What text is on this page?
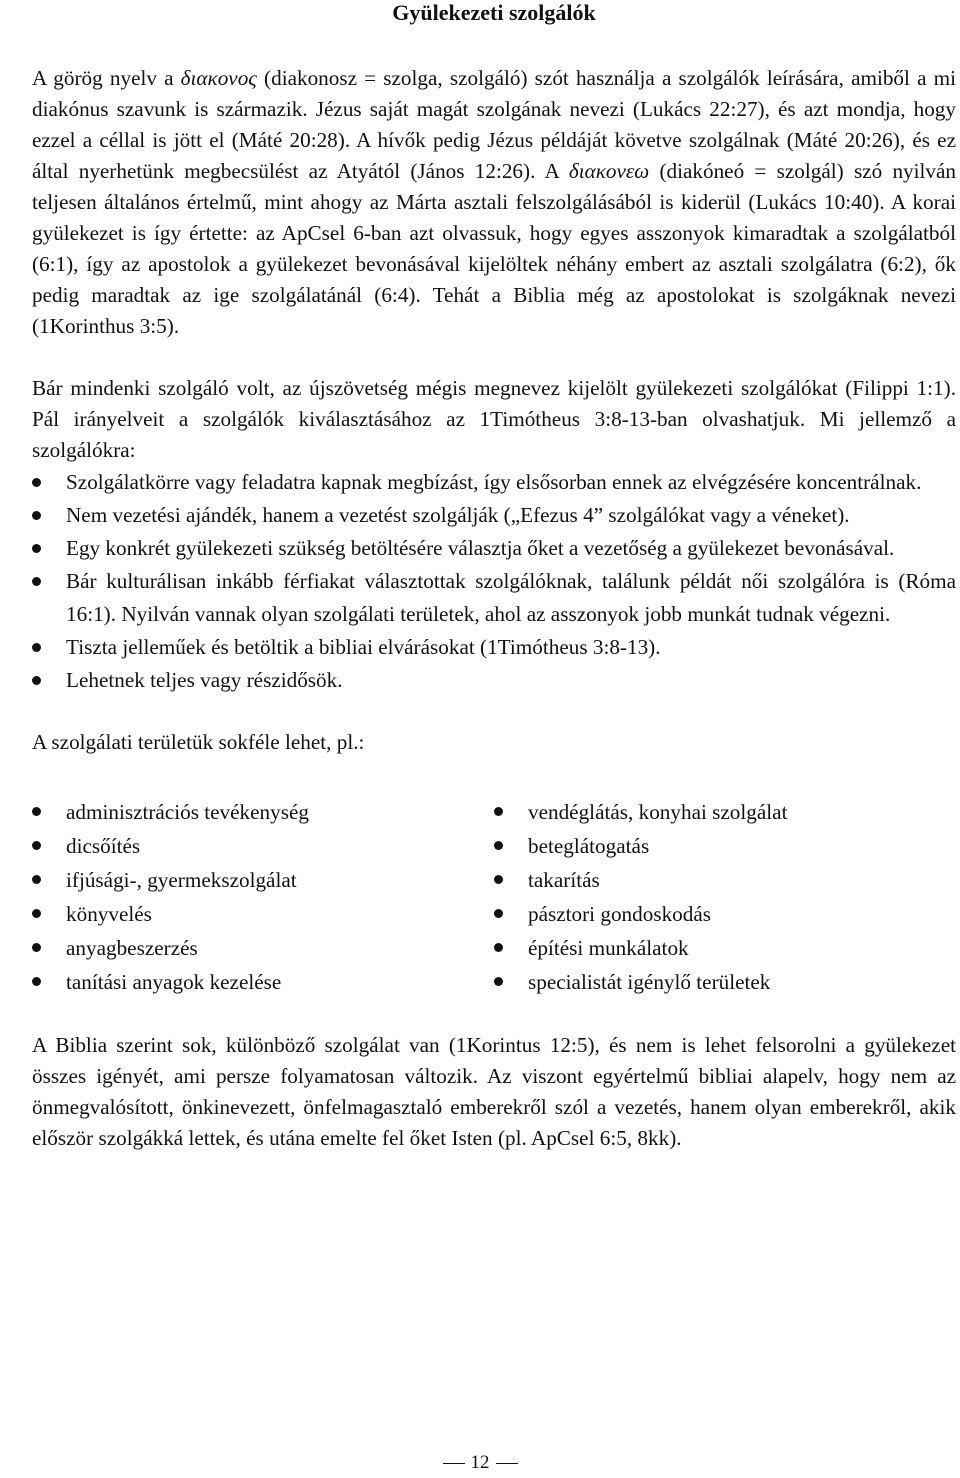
Gyülekezeti szolgálók

A görög nyelv a διακονος (diakonosz = szolga, szolgáló) szót használja a szolgálók leírására, amiből a mi diakónus szavunk is származik. Jézus saját magát szolgának nevezi (Lukács 22:27), és azt mondja, hogy ezzel a céllal is jött el (Máté 20:28). A hívők pedig Jézus példáját követve szolgálnak (Máté 20:26), és ez által nyerhetünk megbecsülést az Atyától (János 12:26). A διακονεω (diakóneó = szolgál) szó nyilván teljesen általános értelmű, mint ahogy az Márta asztali felszolgálásából is kiderül (Lukács 10:40). A korai gyülekezet is így értette: az ApCsel 6-ban azt olvassuk, hogy egyes asszonyok kimaradtak a szolgálatból (6:1), így az apostolok a gyülekezet bevonásával kijelöltek néhány embert az asztali szolgálatra (6:2), ők pedig maradtak az ige szolgálatánál (6:4). Tehát a Biblia még az apostolokat is szolgáknak nevezi (1Korinthus 3:5).

Bár mindenki szolgáló volt, az újszövetség mégis megnevez kijelölt gyülekezeti szolgálókat (Filippi 1:1). Pál irányelveit a szolgálók kiválasztásához az 1Timótheus 3:8-13-ban olvashatjuk. Mi jellemző a szolgálókra:

Szolgálatkörre vagy feladatra kapnak megbízást, így elsősorban ennek az elvégzésére koncentrálnak.
Nem vezetési ajándék, hanem a vezetést szolgálják („Efezus 4” szolgálókat vagy a véneket).
Egy konkrét gyülekezeti szükség betöltésére választja őket a vezetőség a gyülekezet bevonásával.
Bár kulturálisan inkább férfiakat választottak szolgálóknak, találunk példát női szolgálóra is (Róma 16:1). Nyilván vannak olyan szolgálati területek, ahol az asszonyok jobb munkát tudnak végezni.
Tiszta jelleműek és betöltik a bibliai elvárásokat (1Timótheus 3:8-13).
Lehetnek teljes vagy részidősök.

A szolgálati területük sokféle lehet, pl.:

adminisztrációs tevékenység
dicsőítés
ifjúsági-, gyermekszolgálat
könyvelés
anyagbeszerzés
tanítási anyagok kezelése
vendéglátás, konyhai szolgálat
beteglátogatás
takarítás
pásztori gondoskodás
építési munkálatok
specialistát igénylő területek

A Biblia szerint sok, különböző szolgálat van (1Korintus 12:5), és nem is lehet felsorolni a gyülekezet összes igényét, ami persze folyamatosan változik. Az viszont egyértelmű bibliai alapelv, hogy nem az önmegvalósított, önkinevezett, önfelmagasztaló emberekről szól a vezetés, hanem olyan emberekről, akik először szolgákká lettek, és utána emelte fel őket Isten (pl. ApCsel 6:5, 8kk).

12
